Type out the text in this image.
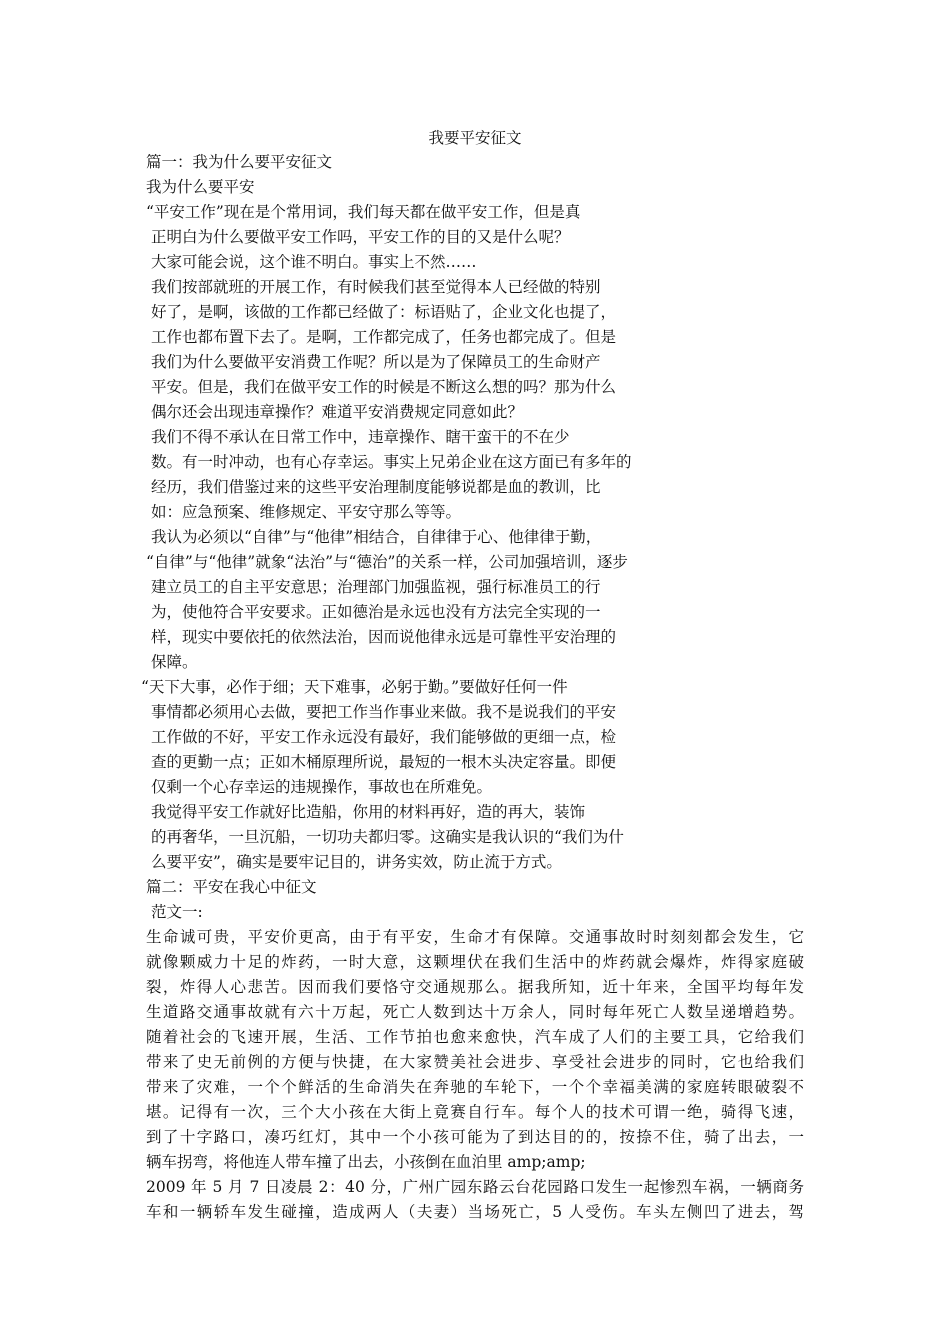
我要平安征文
篇一：我为什么要平安征文
我为什么要平安
“平安工作”现在是个常用词，我们每天都在做平安工作，但是真
正明白为什么要做平安工作吗，平安工作的目的又是什么呢？
大家可能会说，这个谁不明白。事实上不然……
我们按部就班的开展工作，有时候我们甚至觉得本人已经做的特别
好了，是啊，该做的工作都已经做了：标语贴了，企业文化也提了，
工作也都布置下去了。是啊，工作都完成了，任务也都完成了。但是
我们为什么要做平安消费工作呢？所以是为了保障员工的生命财产
平安。但是，我们在做平安工作的时候是不断这么想的吗？那为什么
偶尔还会出现违章操作？难道平安消费规定同意如此？
我们不得不承认在日常工作中，违章操作、瞎干蛮干的不在少
数。有一时冲动，也有心存幸运。事实上兄弟企业在这方面已有多年的
经历，我们借鉴过来的这些平安治理制度能够说都是血的教训，比
如：应急预案、维修规定、平安守那么等等。
我认为必须以“自律”与“他律”相结合，自律律于心、他律律于勤，
“自律”与“他律”就象“法治”与“德治”的关系一样，公司加强培训，逐步
建立员工的自主平安意思；治理部门加强监视，强行标准员工的行
为，使他符合平安要求。正如德治是永远也没有方法完全实现的一
样，现实中要依托的依然法治，因而说他律永远是可靠性平安治理的
保障。
“天下大事，必作于细；天下难事，必躬于勤。”要做好任何一件
事情都必须用心去做，要把工作当作事业来做。我不是说我们的平安
工作做的不好，平安工作永远没有最好，我们能够做的更细一点，检
查的更勤一点；正如木桶原理所说，最短的一根木头决定容量。即便
仅剩一个心存幸运的违规操作，事故也在所难免。
我觉得平安工作就好比造船，你用的材料再好，造的再大，装饰
的再奢华，一旦沉船，一切功夫都归零。这确实是我认识的“我们为什
么要平安”，确实是要牢记目的，讲务实效，防止流于方式。
篇二：平安在我心中征文
范文一:
生命诚可贵，平安价更高，由于有平安，生命才有保障。交通事故时时刻刻都会发生，它
就像颗威力十足的炸药，一时大意，这颗埋伏在我们生活中的炸药就会爆炸，炸得家庭破
裂，炸得人心悲苦。因而我们要恪守交通规那么。据我所知，近十年来，全国平均每年发
生道路交通事故就有六十万起，死亡人数到达十万余人，同时每年死亡人数呈递增趋势。
随着社会的飞速开展，生活、工作节拍也愈来愈快，汽车成了人们的主要工具，它给我们
带来了史无前例的方便与快捷，在大家赞美社会进步、享受社会进步的同时，它也给我们
带来了灾难，一个个鲜活的生命消失在奔驰的车轮下，一个个幸福美满的家庭转眼破裂不
堪。记得有一次，三个大小孩在大街上竟赛自行车。每个人的技术可谓一绝，骑得飞速，
到了十字路口，凑巧红灯，其中一个小孩可能为了到达目的的，按捺不住，骑了出去，一
辆车拐弯，将他连人带车撞了出去，小孩倒在血泊里 amp;amp;
2009 年 5 月 7 日凌晨 2：40 分，广州广园东路云台花园路口发生一起惨烈车祸，一辆商务
车和一辆轿车发生碰撞，造成两人（夫妻）当场死亡，5 人受伤。车头左侧凹了进去，驾
